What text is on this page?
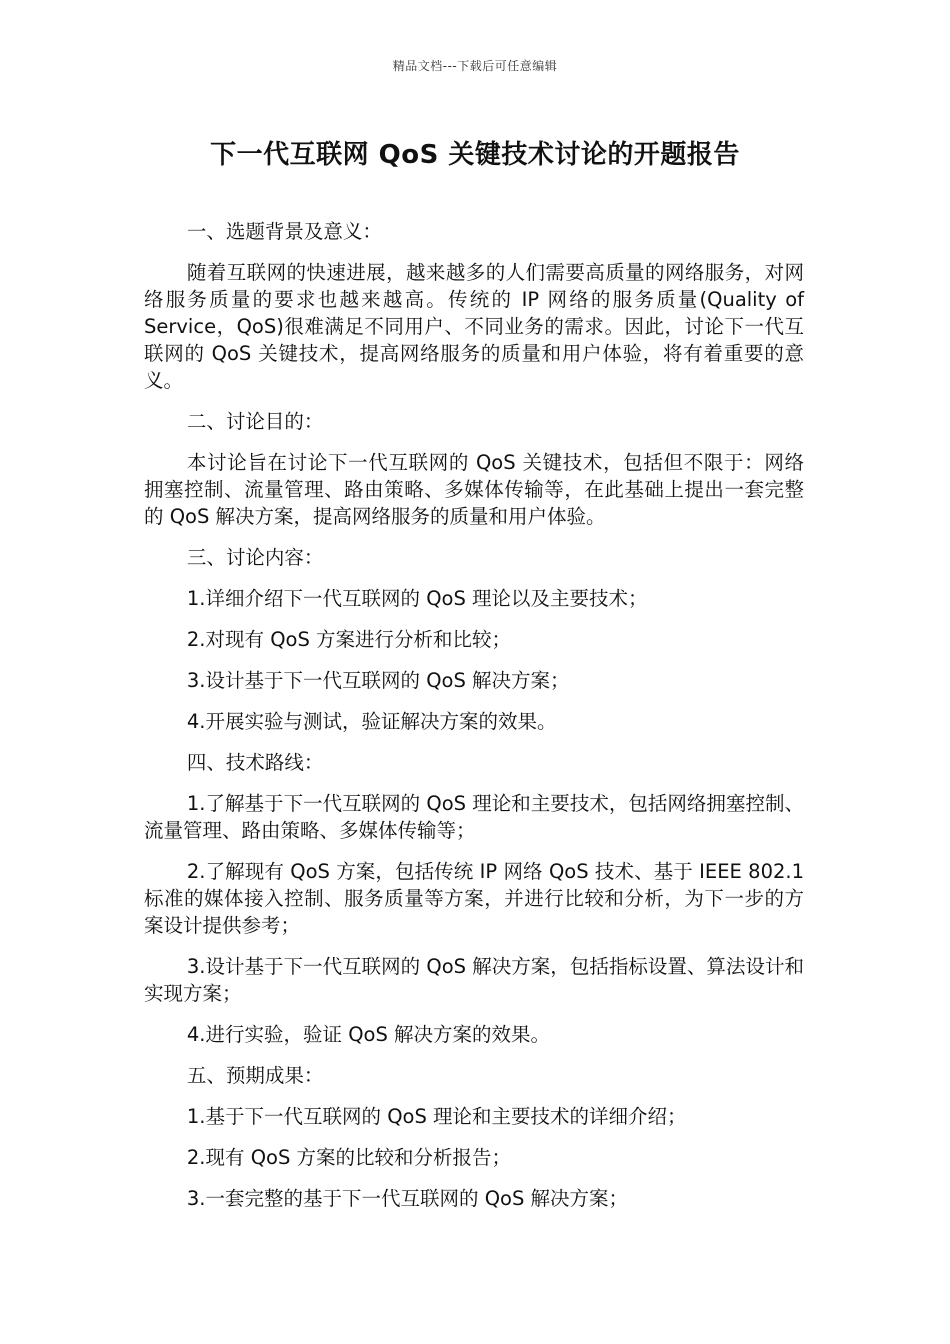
精品文档---下载后可任意编辑
下一代互联网 QoS 关键技术讨论的开题报告

一、选题背景及意义：

随着互联网的快速进展，越来越多的人们需要高质量的网络服务，对网络服务质量的要求也越来越高。传统的 IP 网络的服务质量(Quality of Service，QoS)很难满足不同用户、不同业务的需求。因此，讨论下一代互联网的 QoS 关键技术，提高网络服务的质量和用户体验，将有着重要的意义。

二、讨论目的：

本讨论旨在讨论下一代互联网的 QoS 关键技术，包括但不限于：网络拥塞控制、流量管理、路由策略、多媒体传输等，在此基础上提出一套完整的 QoS 解决方案，提高网络服务的质量和用户体验。

三、讨论内容：

1.详细介绍下一代互联网的 QoS 理论以及主要技术；

2.对现有 QoS 方案进行分析和比较；

3.设计基于下一代互联网的 QoS 解决方案；

4.开展实验与测试，验证解决方案的效果。

四、技术路线：

1.了解基于下一代互联网的 QoS 理论和主要技术，包括网络拥塞控制、流量管理、路由策略、多媒体传输等；

2.了解现有 QoS 方案，包括传统 IP 网络 QoS 技术、基于 IEEE 802.1 标准的媒体接入控制、服务质量等方案，并进行比较和分析，为下一步的方案设计提供参考；

3.设计基于下一代互联网的 QoS 解决方案，包括指标设置、算法设计和实现方案；

4.进行实验，验证 QoS 解决方案的效果。

五、预期成果：

1.基于下一代互联网的 QoS 理论和主要技术的详细介绍；

2.现有 QoS 方案的比较和分析报告；

3.一套完整的基于下一代互联网的 QoS 解决方案；
